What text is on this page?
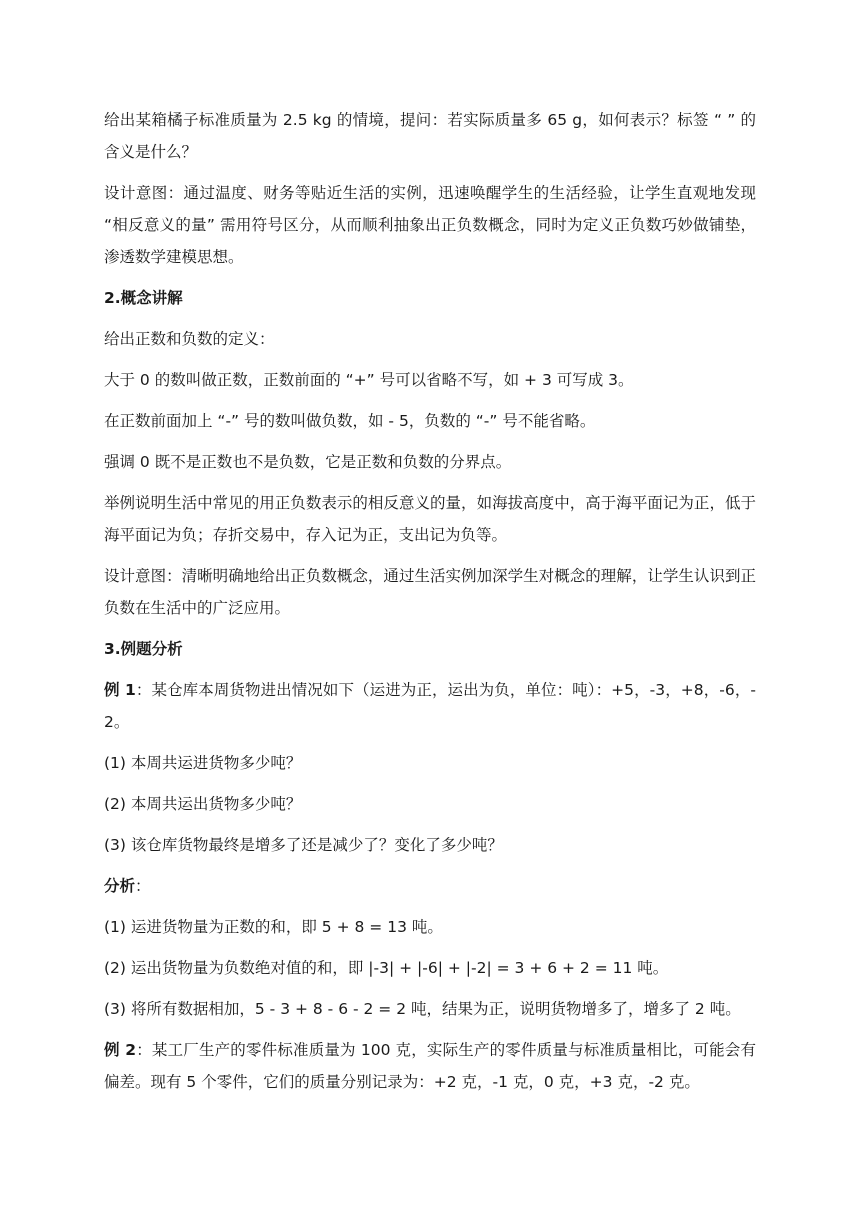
给出某箱橘子标准质量为 2.5 kg 的情境，提问：若实际质量多 65 g，如何表示？标签 “ ” 的含义是什么？

设计意图：通过温度、财务等贴近生活的实例，迅速唤醒学生的生活经验，让学生直观地发现 “相反意义的量” 需用符号区分，从而顺利抽象出正负数概念，同时为定义正负数巧妙做铺垫，渗透数学建模思想。

2.概念讲解

给出正数和负数的定义：

大于 0 的数叫做正数，正数前面的 “+” 号可以省略不写，如 + 3 可写成 3。

在正数前面加上 “-” 号的数叫做负数，如 - 5，负数的 “-” 号不能省略。

强调 0 既不是正数也不是负数，它是正数和负数的分界点。

举例说明生活中常见的用正负数表示的相反意义的量，如海拔高度中，高于海平面记为正，低于海平面记为负；存折交易中，存入记为正，支出记为负等。

设计意图：清晰明确地给出正负数概念，通过生活实例加深学生对概念的理解，让学生认识到正负数在生活中的广泛应用。

3.例题分析

例 1：某仓库本周货物进出情况如下（运进为正，运出为负，单位：吨）：+5，-3，+8，-6，-2。

(1) 本周共运进货物多少吨？

(2) 本周共运出货物多少吨？

(3) 该仓库货物最终是增多了还是减少了？变化了多少吨？

分析：

(1) 运进货物量为正数的和，即 5 + 8 = 13 吨。

(2) 运出货物量为负数绝对值的和，即 |-3| + |-6| + |-2| = 3 + 6 + 2 = 11 吨。

(3) 将所有数据相加，5 - 3 + 8 - 6 - 2 = 2 吨，结果为正，说明货物增多了，增多了 2 吨。

例 2：某工厂生产的零件标准质量为 100 克，实际生产的零件质量与标准质量相比，可能会有偏差。现有 5 个零件，它们的质量分别记录为：+2 克，-1 克，0 克，+3 克，-2 克。
